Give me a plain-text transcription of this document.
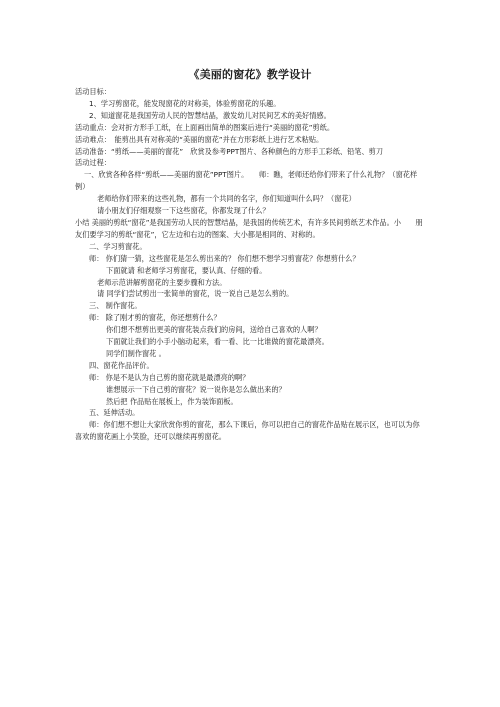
《美丽的窗花》教学设计

活动目标：

1、学习剪窗花，能发现窗花的对称美，体验剪窗花的乐趣。

2、知道窗花是我国劳动人民的智慧结晶，激发幼儿对民间艺术的美好情感。

活动重点：会对折方形手工纸，在上面画出简单的图案后进行“美丽的窗花”剪纸。

活动难点：　能剪出具有对称美的“美丽的窗花”并在方形彩纸上进行艺术粘贴。

活动准备：“剪纸——美丽的窗花”　欣赏及参考PPT图片、各种颜色的方形手工彩纸、铅笔、剪刀

活动过程：

一、欣赏各种各样“剪纸——美丽的窗花”PPT图片。　　师：瞧，老师还给你们带来了什么礼物？（窗花样例）

老师给你们带来的这些礼物，都有一个共同的名字，你们知道叫什么吗？（窗花）

请小朋友们仔细观察一下这些窗花，你都发现了什么？

小结 美丽的剪纸“窗花”是我国劳动人民的智慧结晶，是我国的传统艺术，有许多民间剪纸艺术作品。小　　朋友们要学习的剪纸“窗花”，它左边和右边的图案、大小都是相同的、对称的。

二、学习剪窗花。

师： 你们猜一猜，这些窗花是怎么剪出来的？ 你们想不想学习剪窗花？你想剪什么？

下面就请 和老师学习剪窗花，要认真、仔细的看。

老师示范讲解剪窗花的主要步骤和方法。

请 同学们尝试剪出一张简单的窗花，说一说自己是怎么剪的。

三、 制作窗花。

师： 除了刚才剪的窗花，你还想剪什么？

你们想不想剪出更美的窗花装点我们的房间，送给自己喜欢的人啊？

下面就让我们的小手小脑动起来，看一看、比一比谁做的窗花最漂亮。

同学们制作窗花 。

四、窗花作品评价。

师： 你是不是认为自己剪的窗花就是最漂亮的啊？

谁想展示一下自己剪的窗花？说一说你是怎么做出来的？

然后把 作品贴在展板上，作为装饰面板。

五、延伸活动。

师：你们想不想让大家欣赏你剪的窗花，那么下课后，你可以把自己的窗花作品贴在展示区，也可以为你　　　喜欢的窗花画上小笑脸，还可以继续再剪窗花。
